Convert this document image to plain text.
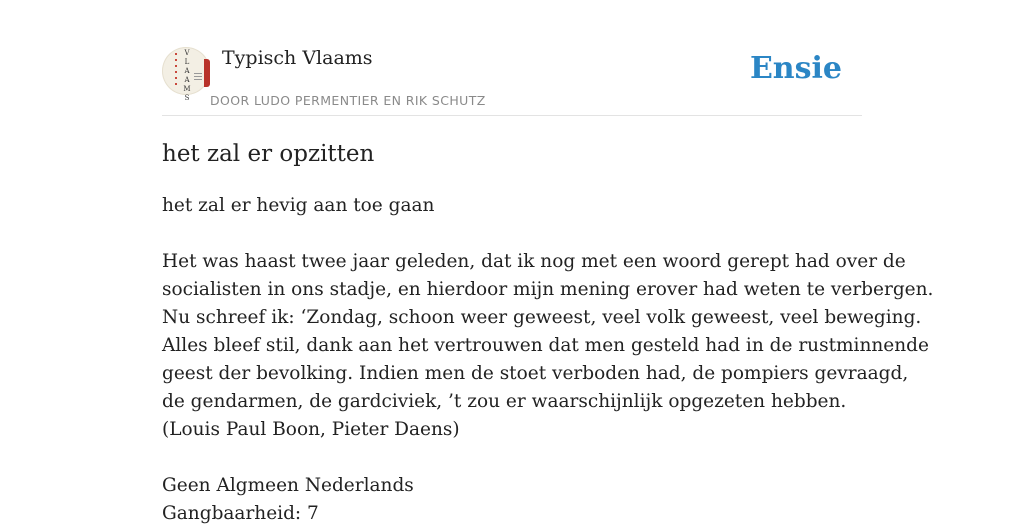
V
L
A
A
M
S
Typisch Vlaams
DOOR LUDO PERMENTIER EN RIK SCHUTZ
Ensie
het zal er opzitten

het zal er hevig aan toe gaan

Het was haast twee jaar geleden, dat ik nog met een woord gerept had over de

socialisten in ons stadje, en hierdoor mijn mening erover had weten te verbergen.

Nu schreef ik: ‘Zondag, schoon weer geweest, veel volk geweest, veel beweging.

Alles bleef stil, dank aan het vertrouwen dat men gesteld had in de rustminnende

geest der bevolking. Indien men de stoet verboden had, de pompiers gevraagd,

de gendarmen, de gardciviek, ’t zou er waarschijnlijk opgezeten hebben.

(Louis Paul Boon, Pieter Daens)

Geen Algmeen Nederlands

Gangbaarheid: 7
